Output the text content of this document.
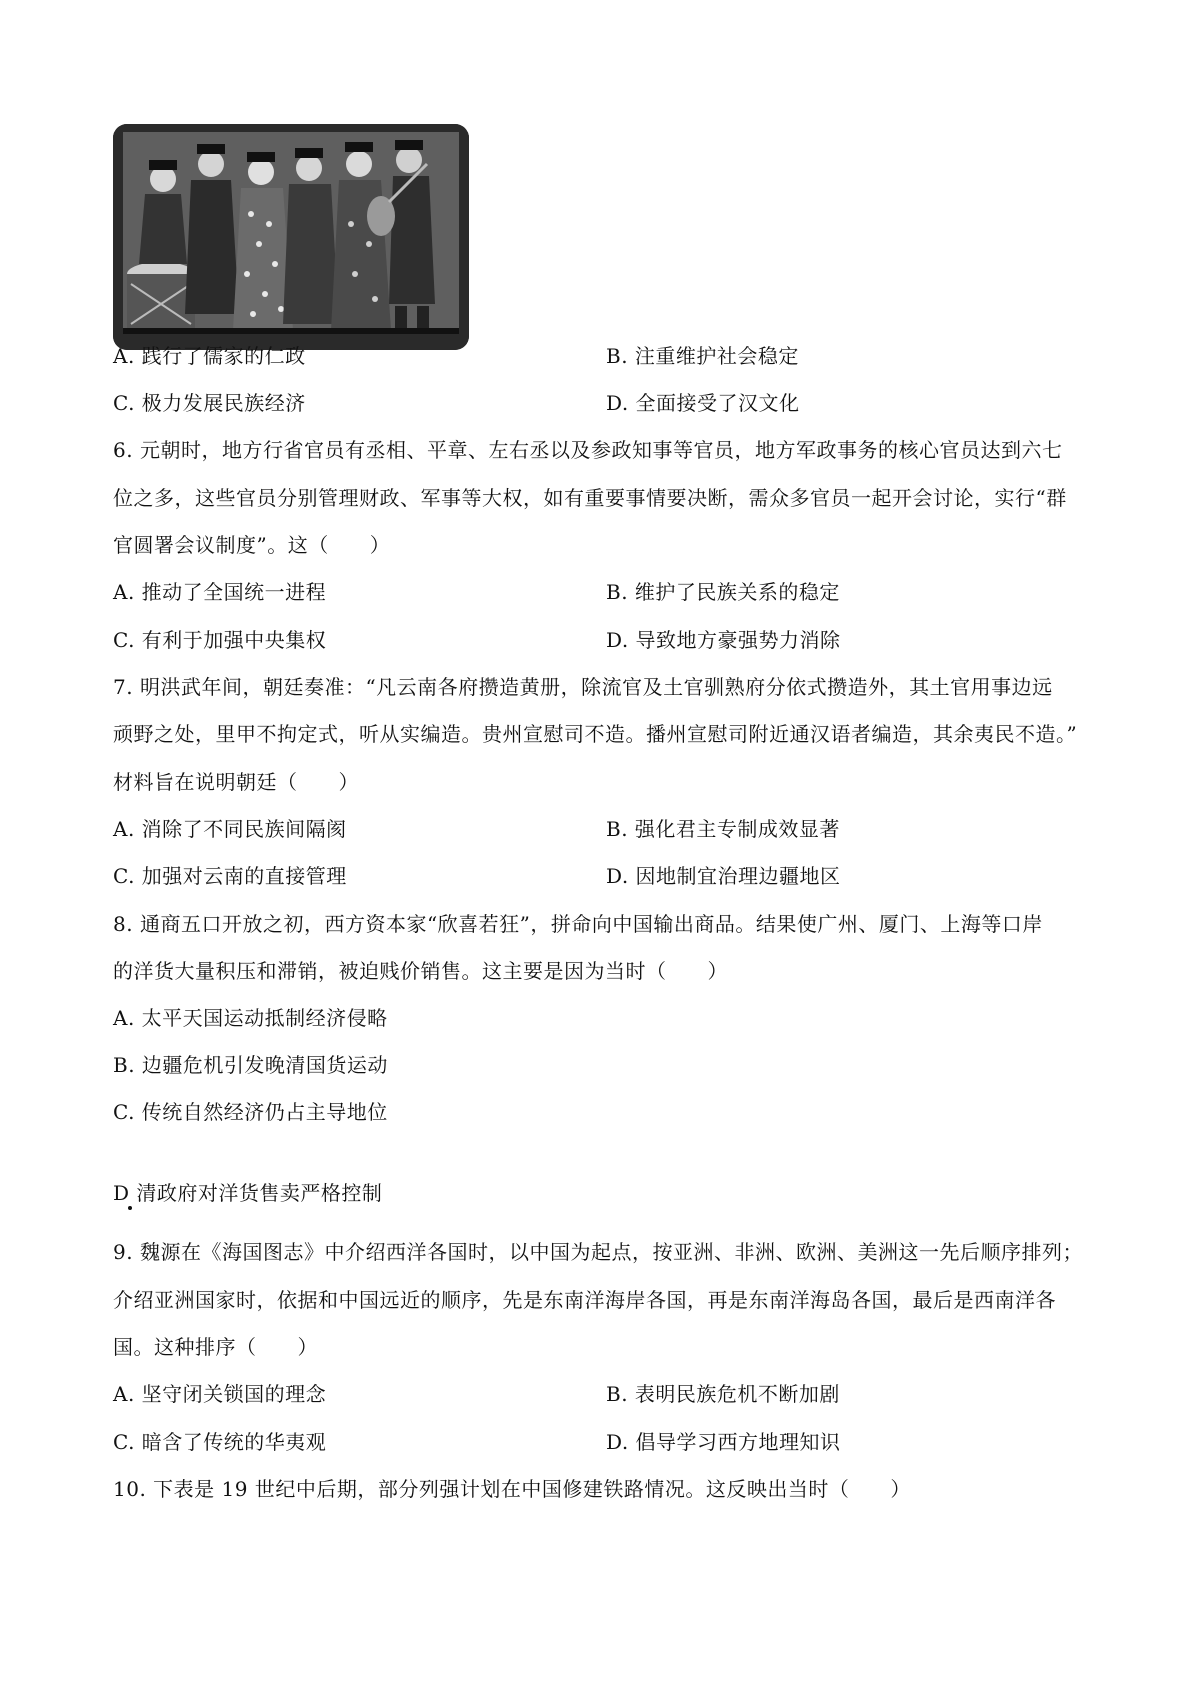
A. 践行了儒家的仁政	B. 注重维护社会稳定
C. 极力发展民族经济	D. 全面接受了汉文化
6. 元朝时，地方行省官员有丞相、平章、左右丞以及参政知事等官员，地方军政事务的核心官员达到六七
位之多，这些官员分别管理财政、军事等大权，如有重要事情要决断，需众多官员一起开会讨论，实行“群
官圆署会议制度”。这（　　）
A. 推动了全国统一进程	B. 维护了民族关系的稳定
C. 有利于加强中央集权	D. 导致地方豪强势力消除
7. 明洪武年间，朝廷奏准：“凡云南各府攒造黄册，除流官及土官驯熟府分依式攒造外，其土官用事边远
顽野之处，里甲不拘定式，听从实编造。贵州宣慰司不造。播州宣慰司附近通汉语者编造，其余夷民不造。”
材料旨在说明朝廷（　　）
A. 消除了不同民族间隔阂	B. 强化君主专制成效显著
C. 加强对云南的直接管理	D. 因地制宜治理边疆地区
8. 通商五口开放之初，西方资本家“欣喜若狂”，拼命向中国输出商品。结果使广州、厦门、上海等口岸
的洋货大量积压和滞销，被迫贱价销售。这主要是因为当时（　　）
A. 太平天国运动抵制经济侵略
B. 边疆危机引发晚清国货运动
C. 传统自然经济仍占主导地位
D 清政府对洋货售卖严格控制
9. 魏源在《海国图志》中介绍西洋各国时，以中国为起点，按亚洲、非洲、欧洲、美洲这一先后顺序排列；
介绍亚洲国家时，依据和中国远近的顺序，先是东南洋海岸各国，再是东南洋海岛各国，最后是西南洋各
国。这种排序（　　）
A. 坚守闭关锁国的理念	B. 表明民族危机不断加剧
C. 暗含了传统的华夷观	D. 倡导学习西方地理知识
10. 下表是 19 世纪中后期，部分列强计划在中国修建铁路情况。这反映出当时（　　）
